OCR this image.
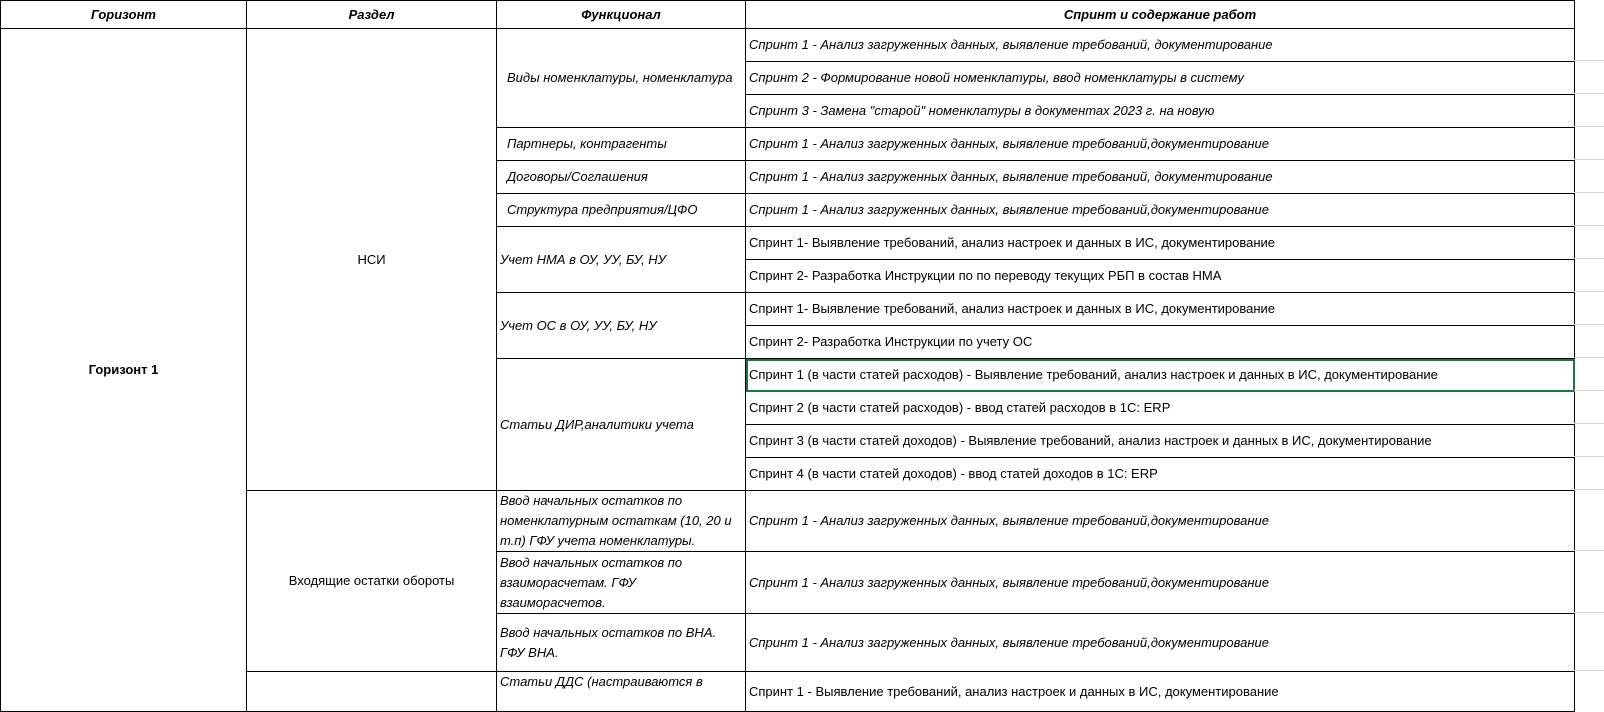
Горизонт	Раздел	Функционал	Спринт и содержание работ
Горизонт 1	НСИ	Виды номенклатуры, номенклатура	Спринт 1 - Анализ загруженных данных, выявление требований, документирование
			Спринт 2 - Формирование новой номенклатуры, ввод номенклатуры в систему
			Спринт 3 - Замена "старой" номенклатуры в документах 2023 г. на новую
		Партнеры, контрагенты	Спринт 1 - Анализ загруженных данных, выявление требований,документирование
		Договоры/Соглашения	Спринт 1 - Анализ загруженных данных, выявление требований, документирование
		Структура предприятия/ЦФО	Спринт 1 - Анализ загруженных данных, выявление требований,документирование
		Учет НМА в ОУ, УУ, БУ, НУ	Спринт 1- Выявление требований, анализ настроек и данных в ИС, документирование
			Спринт 2- Разработка Инструкции по по переводу текущих РБП в состав НМА
		Учет ОС в ОУ, УУ, БУ, НУ	Спринт 1- Выявление требований, анализ настроек и данных в ИС, документирование
			Спринт 2- Разработка Инструкции по учету ОС
		Статьи ДИР,аналитики учета	Спринт 1 (в части статей расходов) - Выявление требований, анализ настроек и данных в ИС, документирование
			Спринт 2 (в части статей расходов) - ввод статей расходов в 1С: ERP
			Спринт 3 (в части статей доходов) - Выявление требований, анализ настроек и данных в ИС, документирование
			Спринт 4 (в части статей доходов) - ввод статей доходов в 1С: ERP
	Входящие остатки обороты	Ввод начальных остатков по номенклатурным остаткам (10, 20 и т.п) ГФУ учета номенклатуры.	Спринт 1 - Анализ загруженных данных, выявление требований,документирование
		Ввод начальных остатков по взаиморасчетам. ГФУ взаиморасчетов.	Спринт 1 - Анализ загруженных данных, выявление требований,документирование
		Ввод начальных остатков по ВНА. ГФУ ВНА.	Спринт 1 - Анализ загруженных данных, выявление требований,документирование
		Статьи ДДС (настраиваются в	Спринт 1 - Выявление требований, анализ настроек и данных в ИС, документирование
